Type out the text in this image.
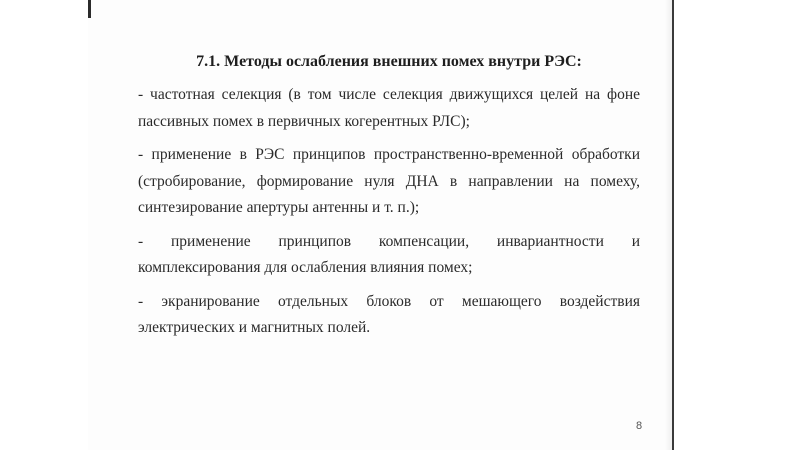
7.1. Методы ослабления внешних помех внутри РЭС:
- частотная селекция (в том числе селекция движущихся целей на фоне пассивных помех в первичных когерентных РЛС);
- применение в РЭС принципов пространственно-временной обработки (стробирование, формирование нуля ДНА в направлении на помеху, синтезирование апертуры антенны и т. п.);
- применение принципов компенсации, инвариантности и комплексирования для ослабления влияния помех;
- экранирование отдельных блоков от мешающего воздействия электрических и магнитных полей.
8
